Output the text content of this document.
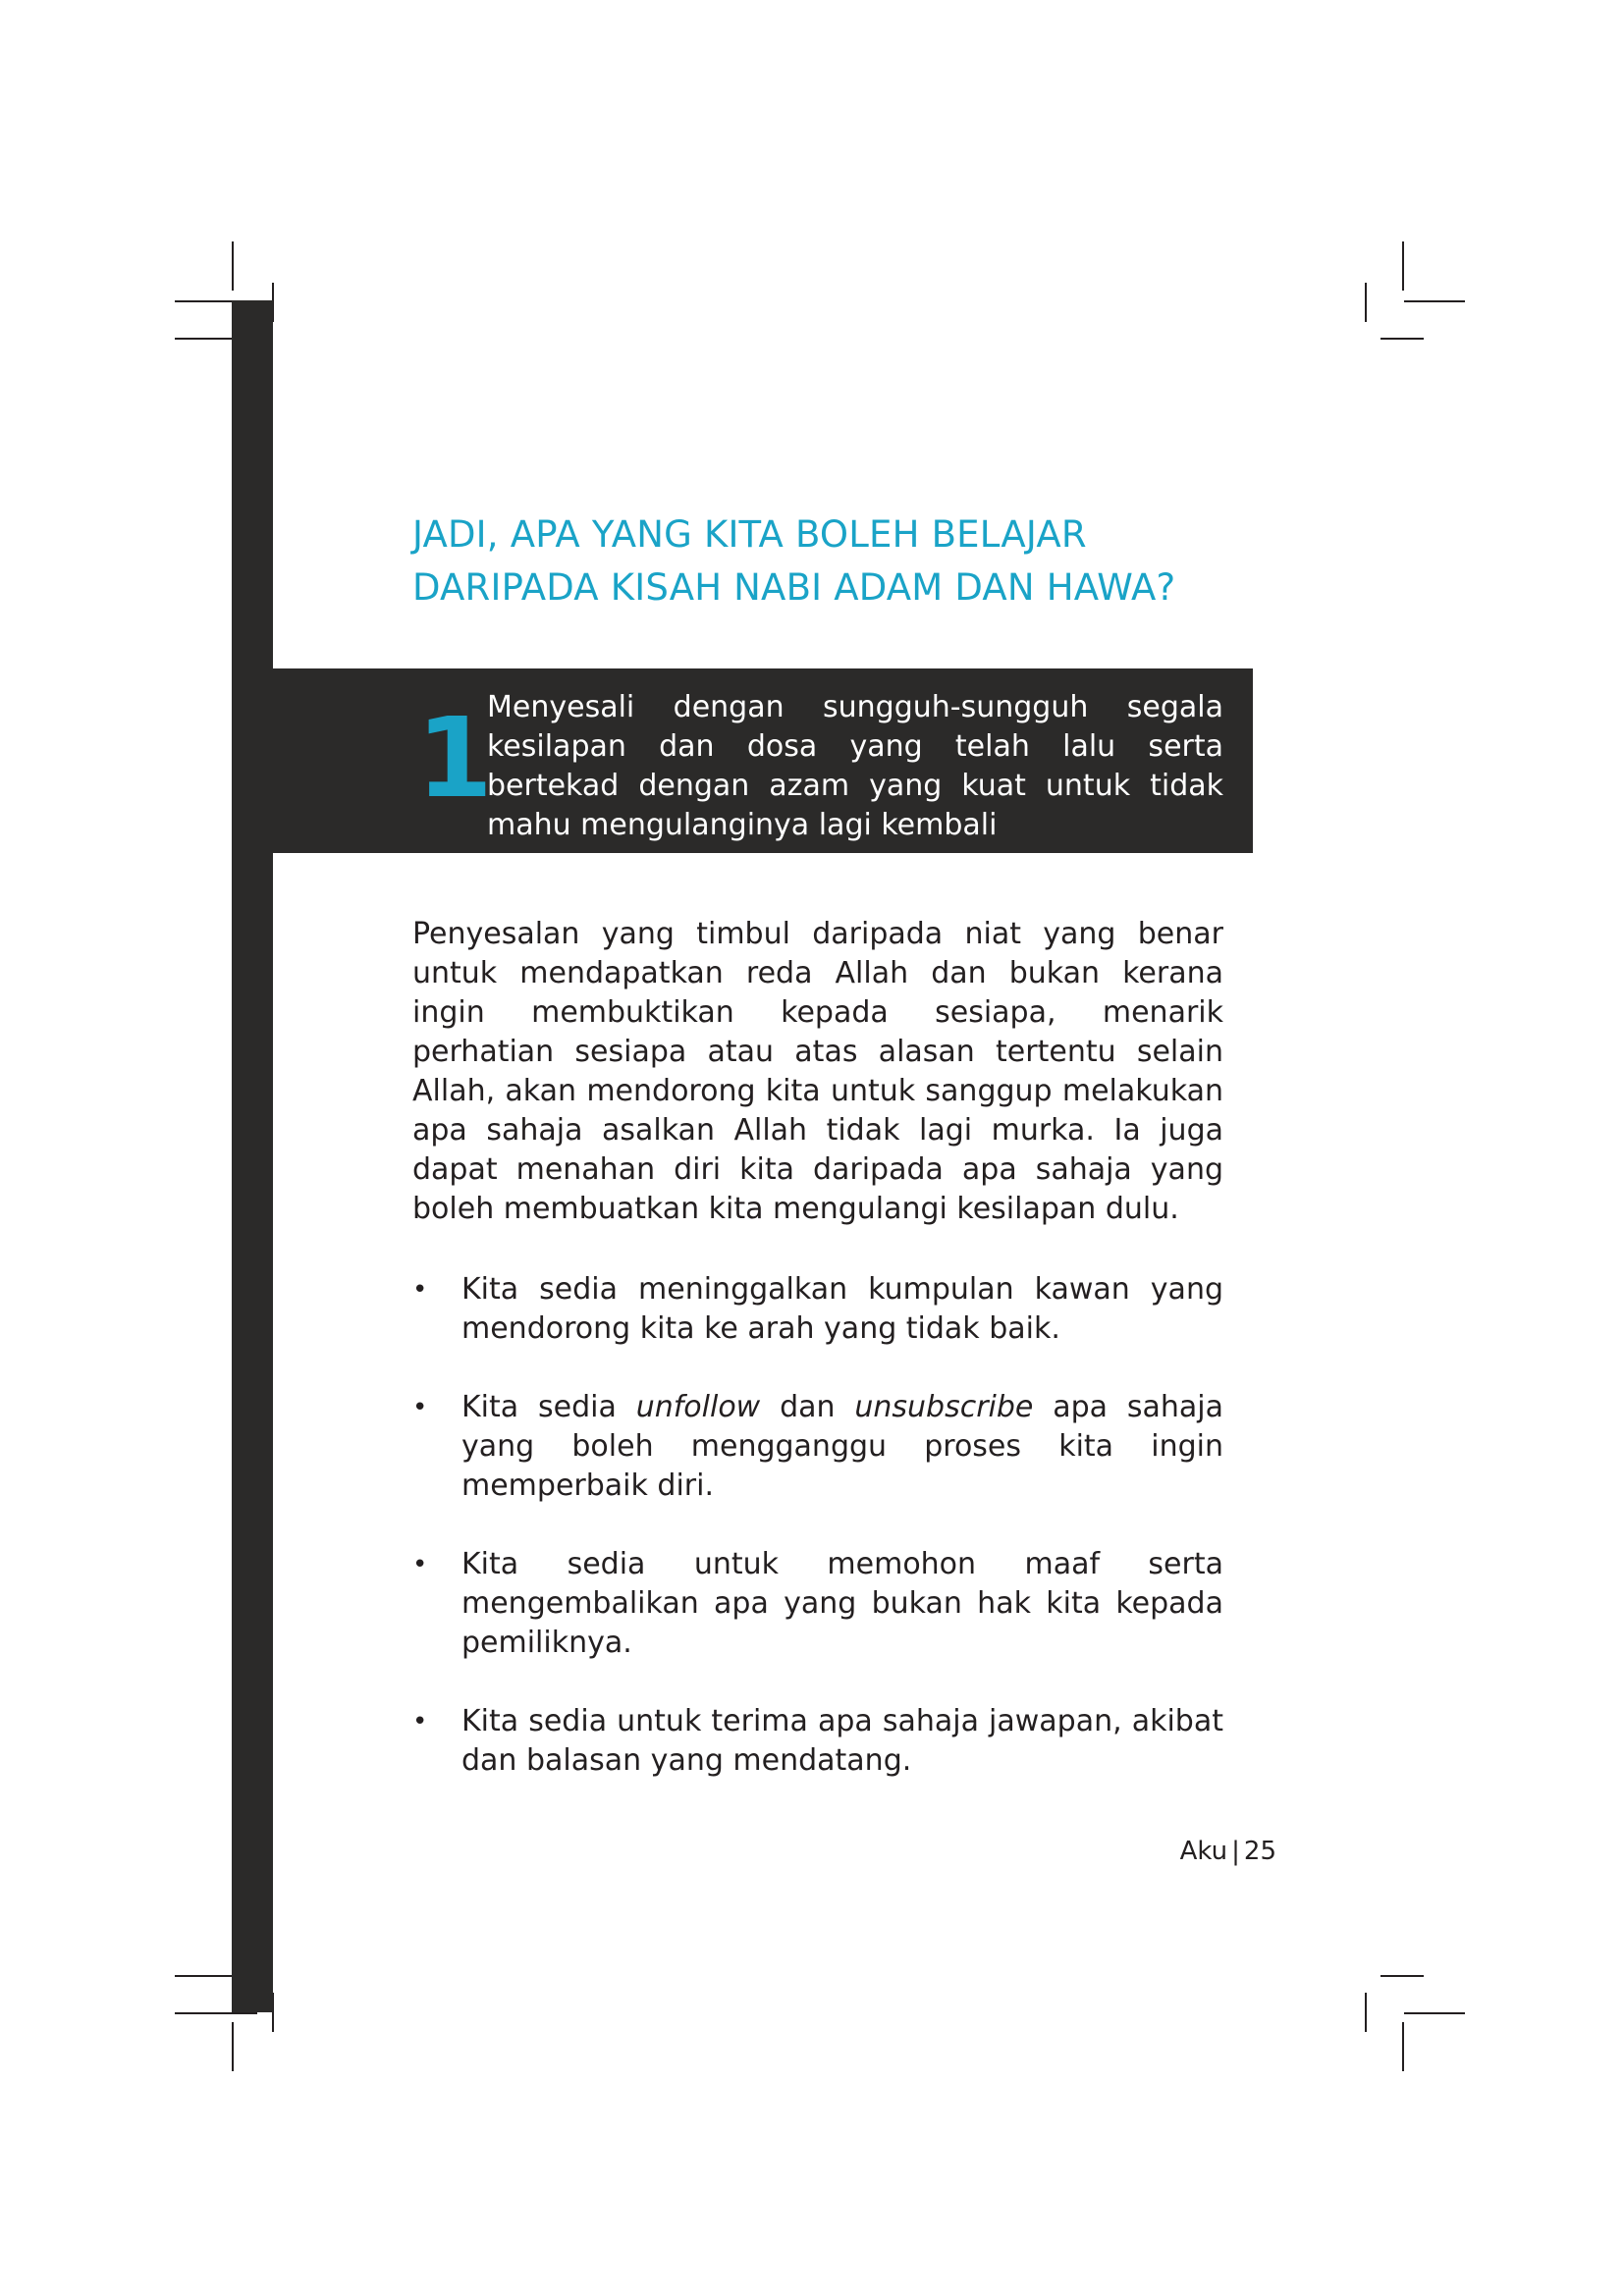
JADI, APA YANG KITA BOLEH BELAJAR
DARIPADA KISAH NABI ADAM DAN HAWA?
1
Menyesali dengan sungguh-sungguh segala kesilapan dan dosa yang telah lalu serta bertekad dengan azam yang kuat untuk tidak mahu mengulanginya lagi kembali

Penyesalan yang timbul daripada niat yang benar untuk mendapatkan reda Allah dan bukan kerana ingin membuktikan kepada sesiapa, menarik perhatian sesiapa atau atas alasan tertentu selain Allah, akan mendorong kita untuk sanggup melakukan apa sahaja asalkan Allah tidak lagi murka. Ia juga dapat menahan diri kita daripada apa sahaja yang boleh membuatkan kita mengulangi kesilapan dulu.

• Kita sedia meninggalkan kumpulan kawan yang mendorong kita ke arah yang tidak baik.
• Kita sedia unfollow dan unsubscribe apa sahaja yang boleh mengganggu proses kita ingin memperbaik diri.
• Kita sedia untuk memohon maaf serta mengembalikan apa yang bukan hak kita kepada pemiliknya.
• Kita sedia untuk terima apa sahaja jawapan, akibat dan balasan yang mendatang.
Aku | 25
